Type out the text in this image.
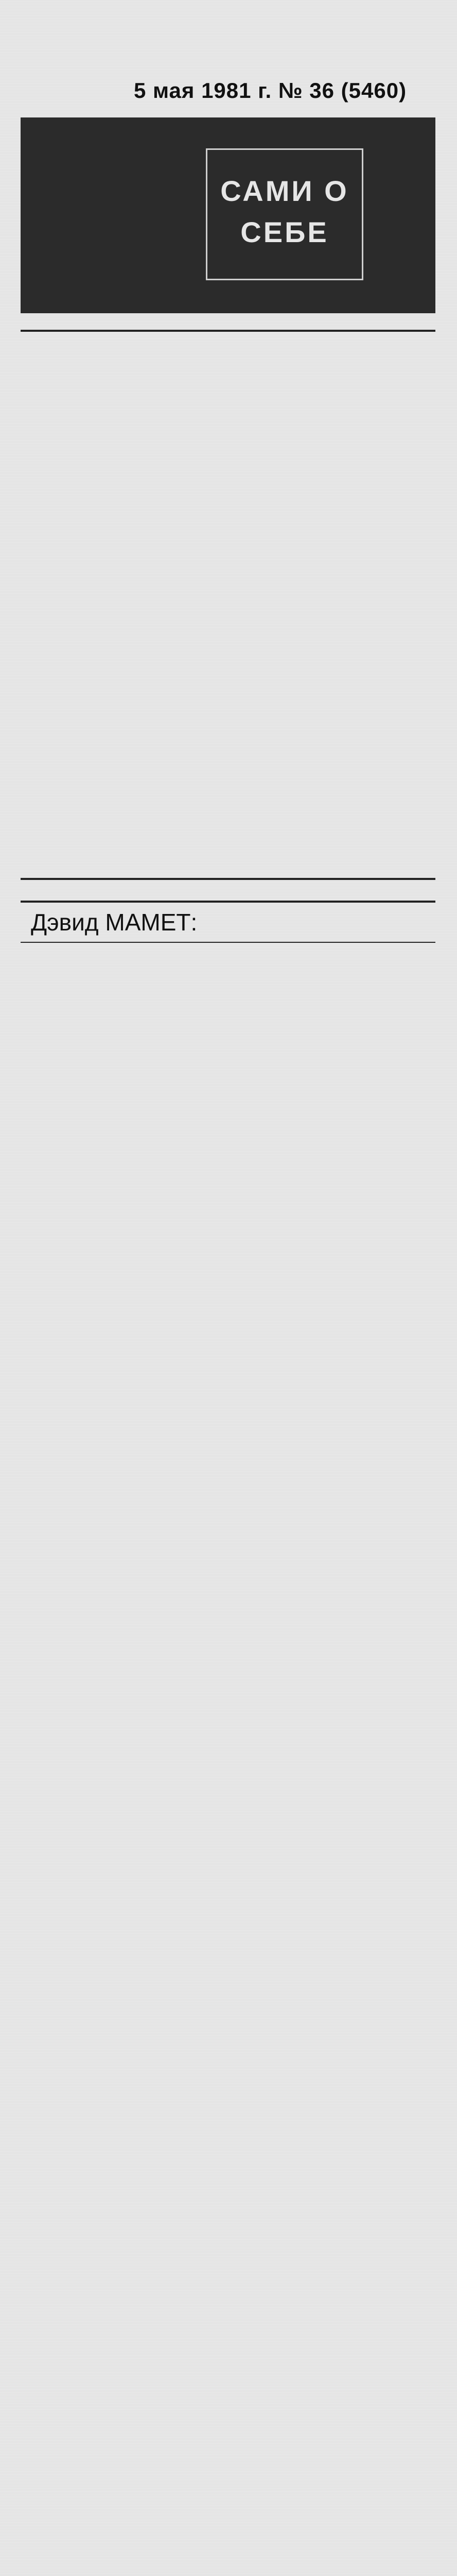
5 мая 1981 г. № 36 (5460)
САМИ О СЕБЕ
Дэвид МАМЕТ:
